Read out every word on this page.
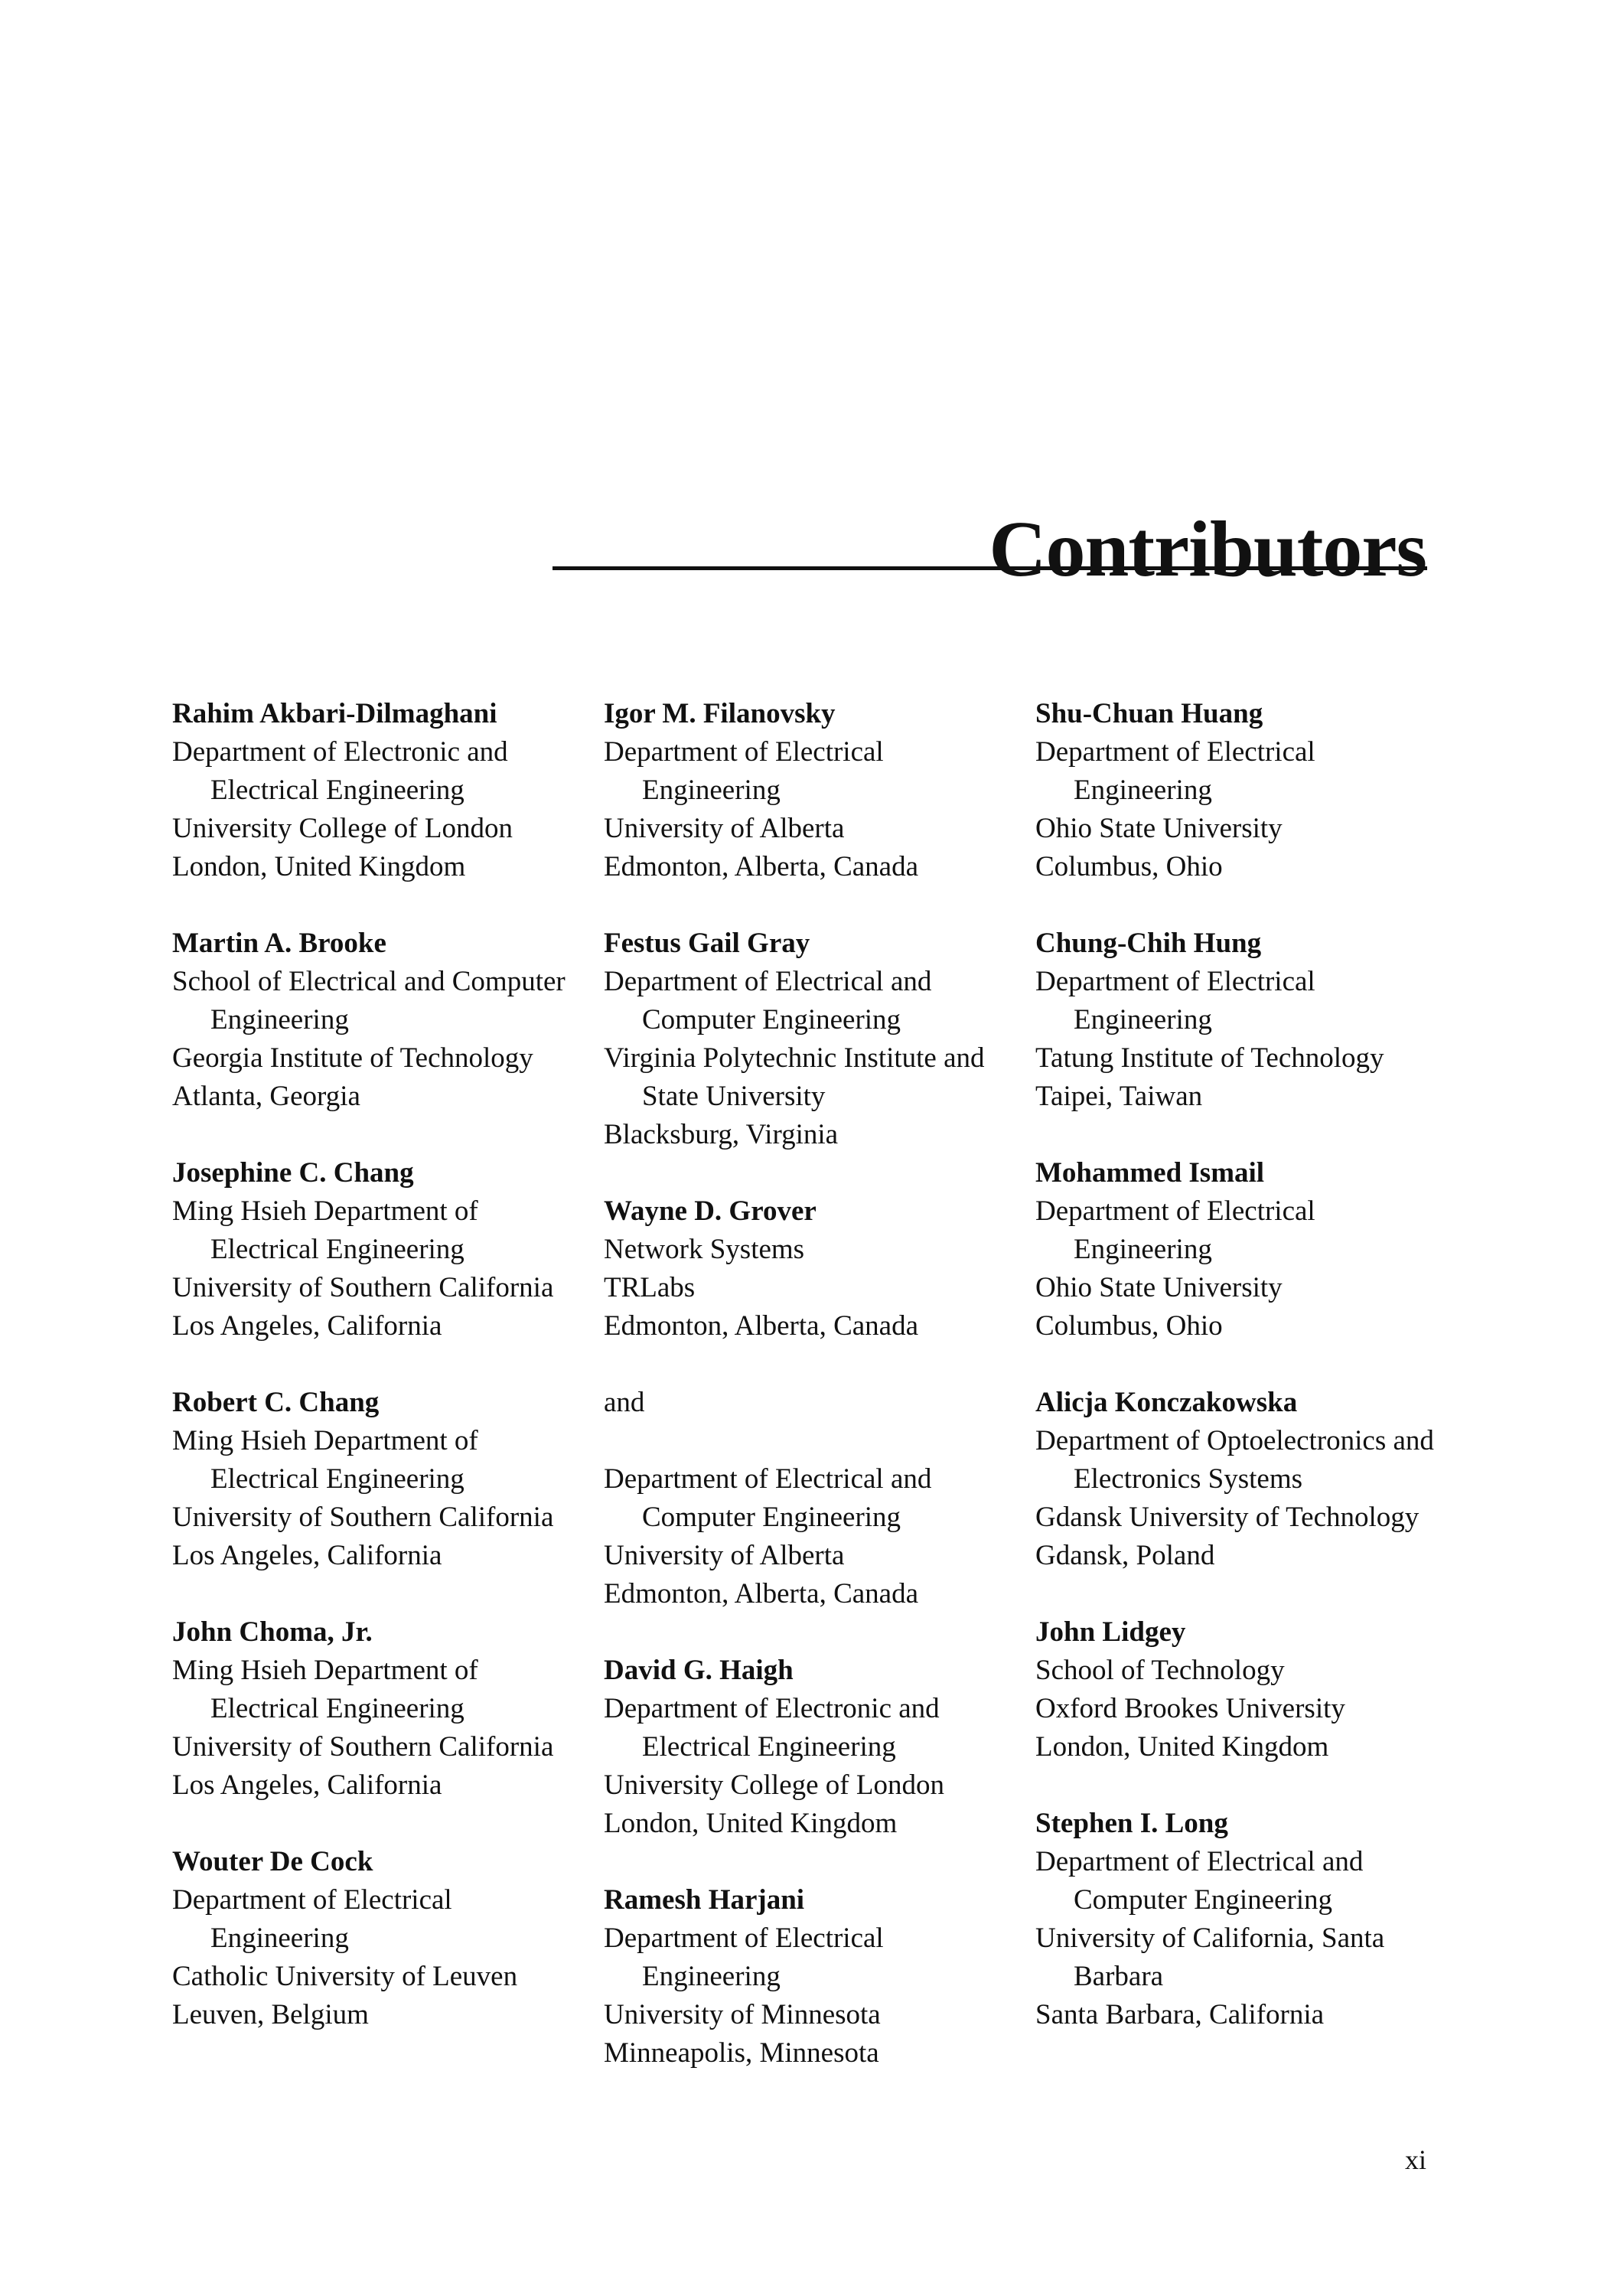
Contributors
Rahim Akbari-Dilmaghani
Department of Electronic and Electrical Engineering
University College of London
London, United Kingdom
Martin A. Brooke
School of Electrical and Computer Engineering
Georgia Institute of Technology
Atlanta, Georgia
Josephine C. Chang
Ming Hsieh Department of Electrical Engineering
University of Southern California
Los Angeles, California
Robert C. Chang
Ming Hsieh Department of Electrical Engineering
University of Southern California
Los Angeles, California
John Choma, Jr.
Ming Hsieh Department of Electrical Engineering
University of Southern California
Los Angeles, California
Wouter De Cock
Department of Electrical Engineering
Catholic University of Leuven
Leuven, Belgium
Igor M. Filanovsky
Department of Electrical Engineering
University of Alberta
Edmonton, Alberta, Canada
Festus Gail Gray
Department of Electrical and Computer Engineering
Virginia Polytechnic Institute and State University
Blacksburg, Virginia
Wayne D. Grover
Network Systems
TRLabs
Edmonton, Alberta, Canada
and
Department of Electrical and Computer Engineering
University of Alberta
Edmonton, Alberta, Canada
David G. Haigh
Department of Electronic and Electrical Engineering
University College of London
London, United Kingdom
Ramesh Harjani
Department of Electrical Engineering
University of Minnesota
Minneapolis, Minnesota
Shu-Chuan Huang
Department of Electrical Engineering
Ohio State University
Columbus, Ohio
Chung-Chih Hung
Department of Electrical Engineering
Tatung Institute of Technology
Taipei, Taiwan
Mohammed Ismail
Department of Electrical Engineering
Ohio State University
Columbus, Ohio
Alicja Konczakowska
Department of Optoelectronics and Electronics Systems
Gdansk University of Technology
Gdansk, Poland
John Lidgey
School of Technology
Oxford Brookes University
London, United Kingdom
Stephen I. Long
Department of Electrical and Computer Engineering
University of California, Santa Barbara
Santa Barbara, California
xi
